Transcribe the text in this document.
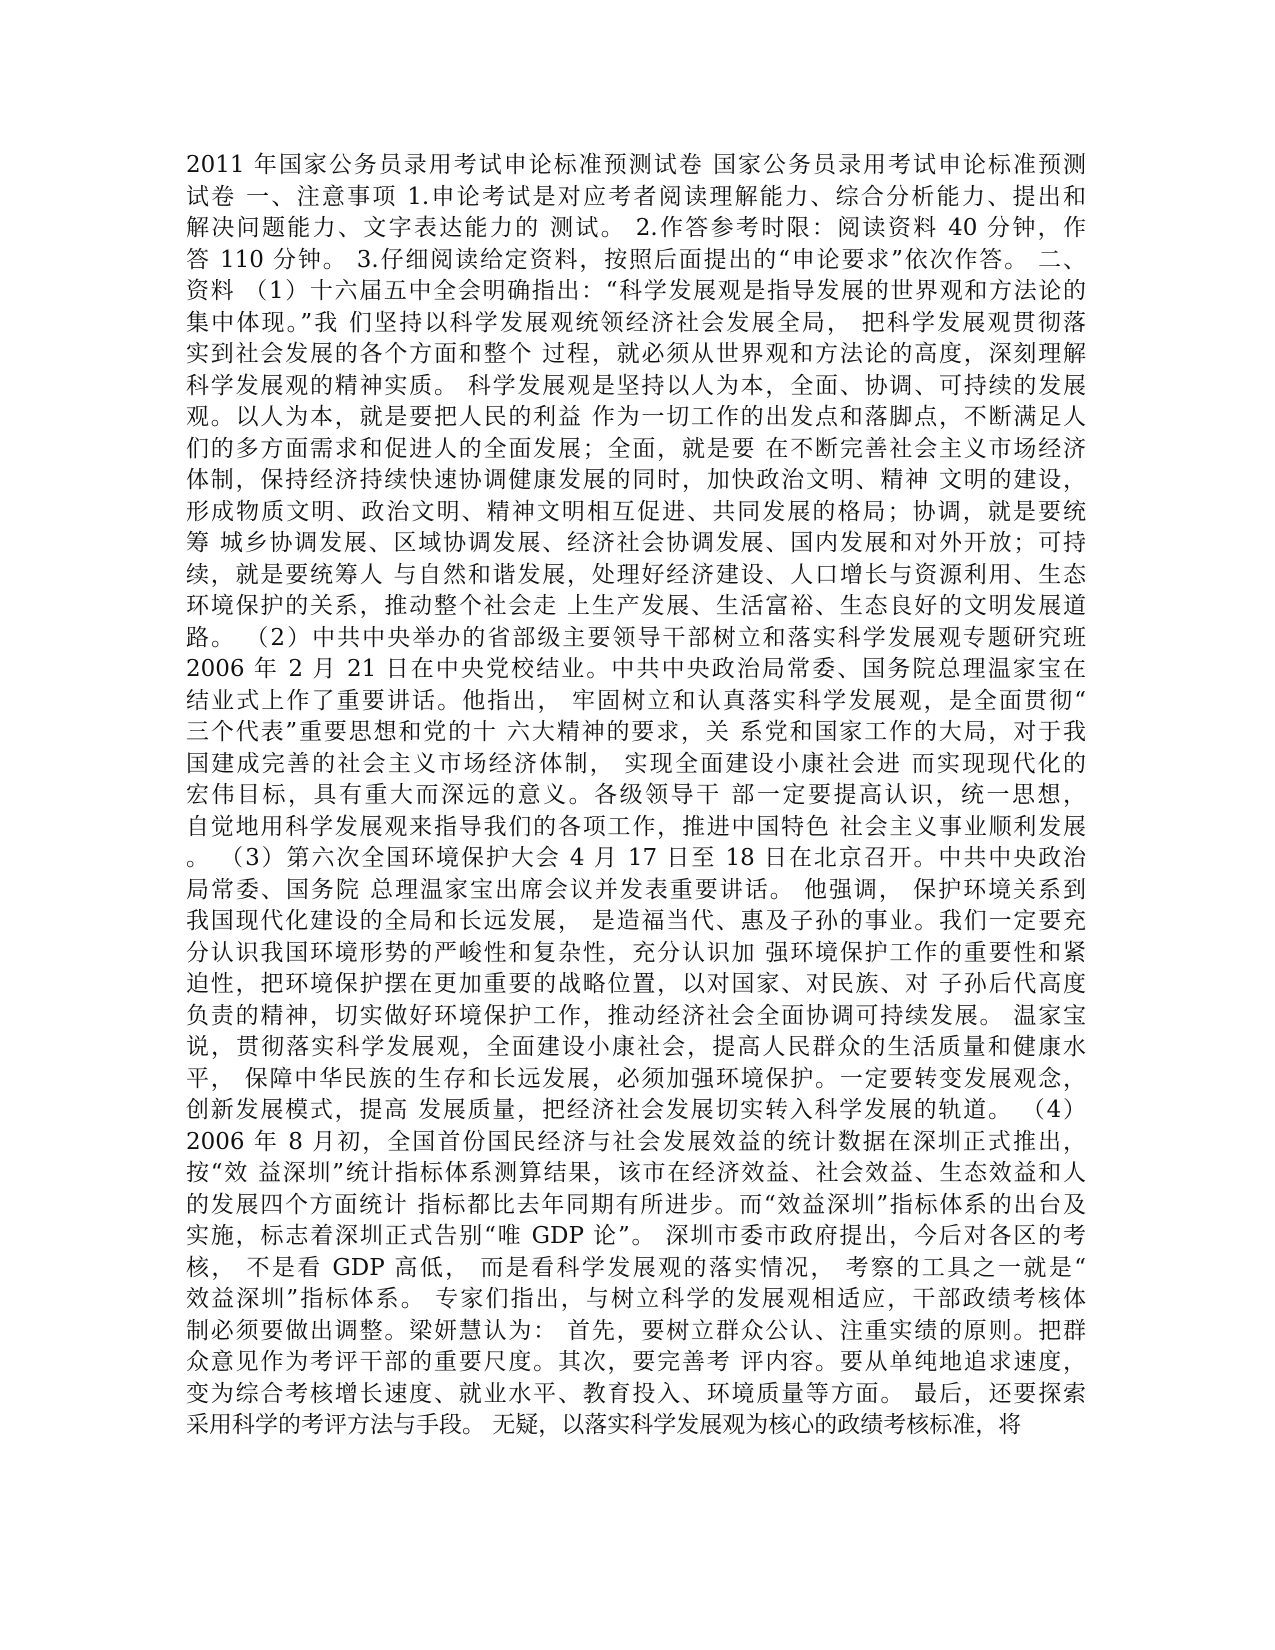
2011 年国家公务员录用考试申论标准预测试卷 国家公务员录用考试申论标准预测
试卷 一、注意事项 1.申论考试是对应考者阅读理解能力、综合分析能力、提出和
解决问题能力、文字表达能力的 测试。 2.作答参考时限：阅读资料 40 分钟，作
答 110 分钟。 3.仔细阅读给定资料，按照后面提出的“申论要求”依次作答。 二、
资料 （1）十六届五中全会明确指出：“科学发展观是指导发展的世界观和方法论的
集中体现。”我 们坚持以科学发展观统领经济社会发展全局， 把科学发展观贯彻落
实到社会发展的各个方面和整个 过程，就必须从世界观和方法论的高度，深刻理解
科学发展观的精神实质。 科学发展观是坚持以人为本，全面、协调、可持续的发展
观。以人为本，就是要把人民的利益 作为一切工作的出发点和落脚点，不断满足人
们的多方面需求和促进人的全面发展；全面，就是要 在不断完善社会主义市场经济
体制，保持经济持续快速协调健康发展的同时，加快政治文明、精神 文明的建设，
形成物质文明、政治文明、精神文明相互促进、共同发展的格局；协调，就是要统
筹 城乡协调发展、区域协调发展、经济社会协调发展、国内发展和对外开放；可持
续，就是要统筹人 与自然和谐发展，处理好经济建设、人口增长与资源利用、生态
环境保护的关系，推动整个社会走 上生产发展、生活富裕、生态良好的文明发展道
路。 （2）中共中央举办的省部级主要领导干部树立和落实科学发展观专题研究班
2006 年 2 月 21 日在中央党校结业。中共中央政治局常委、国务院总理温家宝在
结业式上作了重要讲话。他指出， 牢固树立和认真落实科学发展观，是全面贯彻“
三个代表”重要思想和党的十 六大精神的要求，关 系党和国家工作的大局，对于我
国建成完善的社会主义市场经济体制， 实现全面建设小康社会进 而实现现代化的
宏伟目标，具有重大而深远的意义。各级领导干 部一定要提高认识，统一思想，
自觉地用科学发展观来指导我们的各项工作，推进中国特色 社会主义事业顺利发展
。 （3）第六次全国环境保护大会 4 月 17 日至 18 日在北京召开。中共中央政治
局常委、国务院 总理温家宝出席会议并发表重要讲话。 他强调， 保护环境关系到
我国现代化建设的全局和长远发展， 是造福当代、惠及子孙的事业。我们一定要充
分认识我国环境形势的严峻性和复杂性，充分认识加 强环境保护工作的重要性和紧
迫性，把环境保护摆在更加重要的战略位置，以对国家、对民族、对 子孙后代高度
负责的精神，切实做好环境保护工作，推动经济社会全面协调可持续发展。 温家宝
说，贯彻落实科学发展观，全面建设小康社会，提高人民群众的生活质量和健康水
平， 保障中华民族的生存和长远发展，必须加强环境保护。一定要转变发展观念，
创新发展模式，提高 发展质量，把经济社会发展切实转入科学发展的轨道。 （4）
2006 年 8 月初，全国首份国民经济与社会发展效益的统计数据在深圳正式推出，
按“效 益深圳”统计指标体系测算结果，该市在经济效益、社会效益、生态效益和人
的发展四个方面统计 指标都比去年同期有所进步。而“效益深圳”指标体系的出台及
实施，标志着深圳正式告别“唯 GDP 论”。 深圳市委市政府提出，今后对各区的考
核， 不是看 GDP 高低， 而是看科学发展观的落实情况， 考察的工具之一就是“
效益深圳”指标体系。 专家们指出，与树立科学的发展观相适应，干部政绩考核体
制必须要做出调整。梁妍慧认为： 首先，要树立群众公认、注重实绩的原则。把群
众意见作为考评干部的重要尺度。其次，要完善考 评内容。要从单纯地追求速度，
变为综合考核增长速度、就业水平、教育投入、环境质量等方面。 最后，还要探索
采用科学的考评方法与手段。 无疑，以落实科学发展观为核心的政绩考核标准，将
